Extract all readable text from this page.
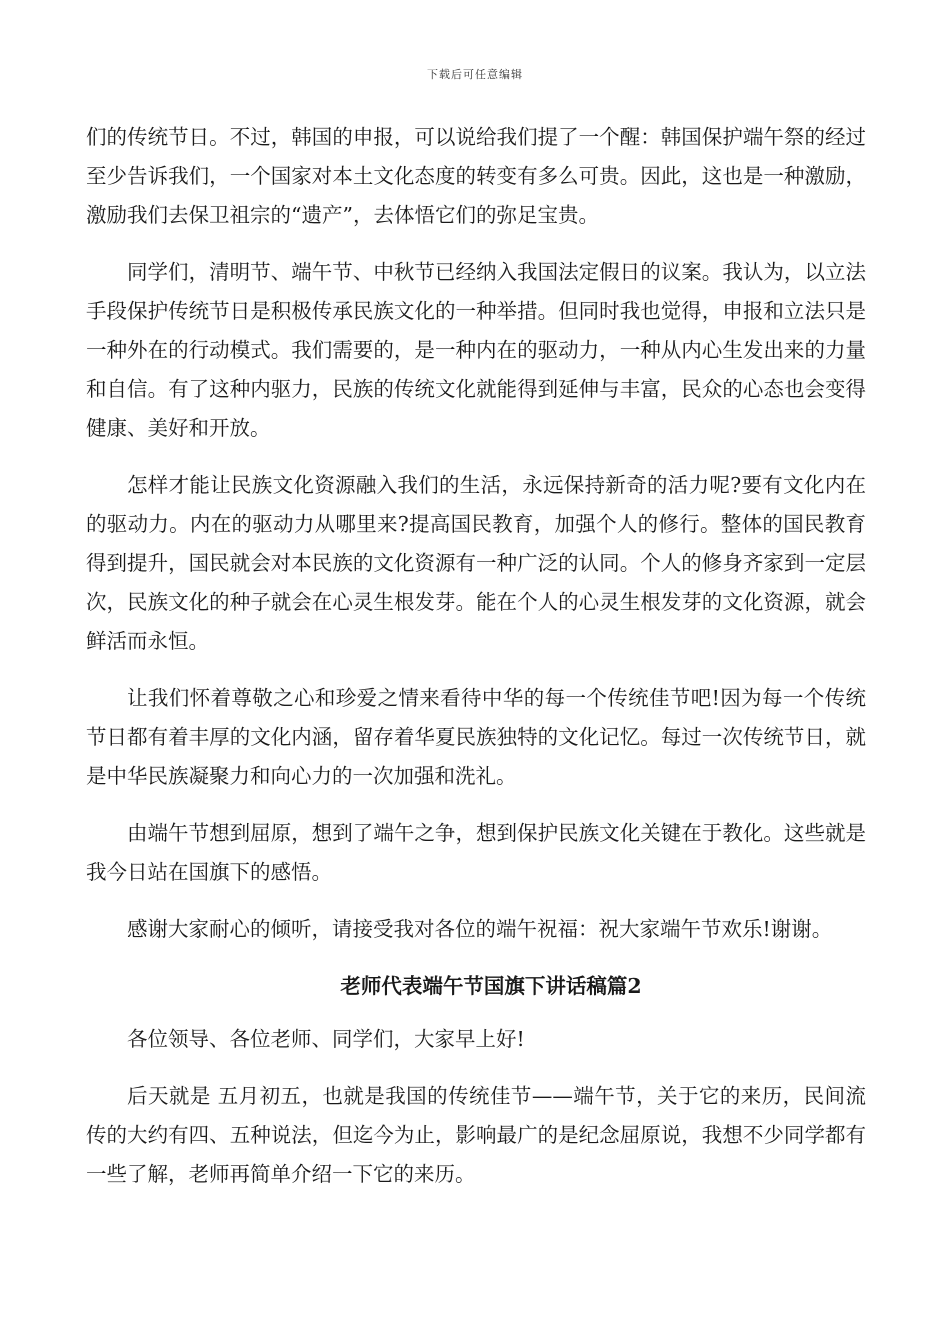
下载后可任意编辑

们的传统节日。不过，韩国的申报，可以说给我们提了一个醒：韩国保护端午祭的经过至少告诉我们，一个国家对本土文化态度的转变有多么可贵。因此，这也是一种激励，激励我们去保卫祖宗的“遗产”，去体悟它们的弥足宝贵。

同学们，清明节、端午节、中秋节已经纳入我国法定假日的议案。我认为，以立法手段保护传统节日是积极传承民族文化的一种举措。但同时我也觉得，申报和立法只是一种外在的行动模式。我们需要的，是一种内在的驱动力，一种从内心生发出来的力量和自信。有了这种内驱力，民族的传统文化就能得到延伸与丰富，民众的心态也会变得健康、美好和开放。

怎样才能让民族文化资源融入我们的生活，永远保持新奇的活力呢?要有文化内在的驱动力。内在的驱动力从哪里来?提高国民教育，加强个人的修行。整体的国民教育得到提升，国民就会对本民族的文化资源有一种广泛的认同。个人的修身齐家到一定层次，民族文化的种子就会在心灵生根发芽。能在个人的心灵生根发芽的文化资源，就会鲜活而永恒。

让我们怀着尊敬之心和珍爱之情来看待中华的每一个传统佳节吧!因为每一个传统节日都有着丰厚的文化内涵，留存着华夏民族独特的文化记忆。每过一次传统节日，就是中华民族凝聚力和向心力的一次加强和洗礼。

由端午节想到屈原，想到了端午之争，想到保护民族文化关键在于教化。这些就是我今日站在国旗下的感悟。

感谢大家耐心的倾听，请接受我对各位的端午祝福：祝大家端午节欢乐!谢谢。

老师代表端午节国旗下讲话稿篇2

各位领导、各位老师、同学们，大家早上好!

后天就是 五月初五，也就是我国的传统佳节——端午节，关于它的来历，民间流传的大约有四、五种说法，但迄今为止，影响最广的是纪念屈原说，我想不少同学都有一些了解，老师再简单介绍一下它的来历。
